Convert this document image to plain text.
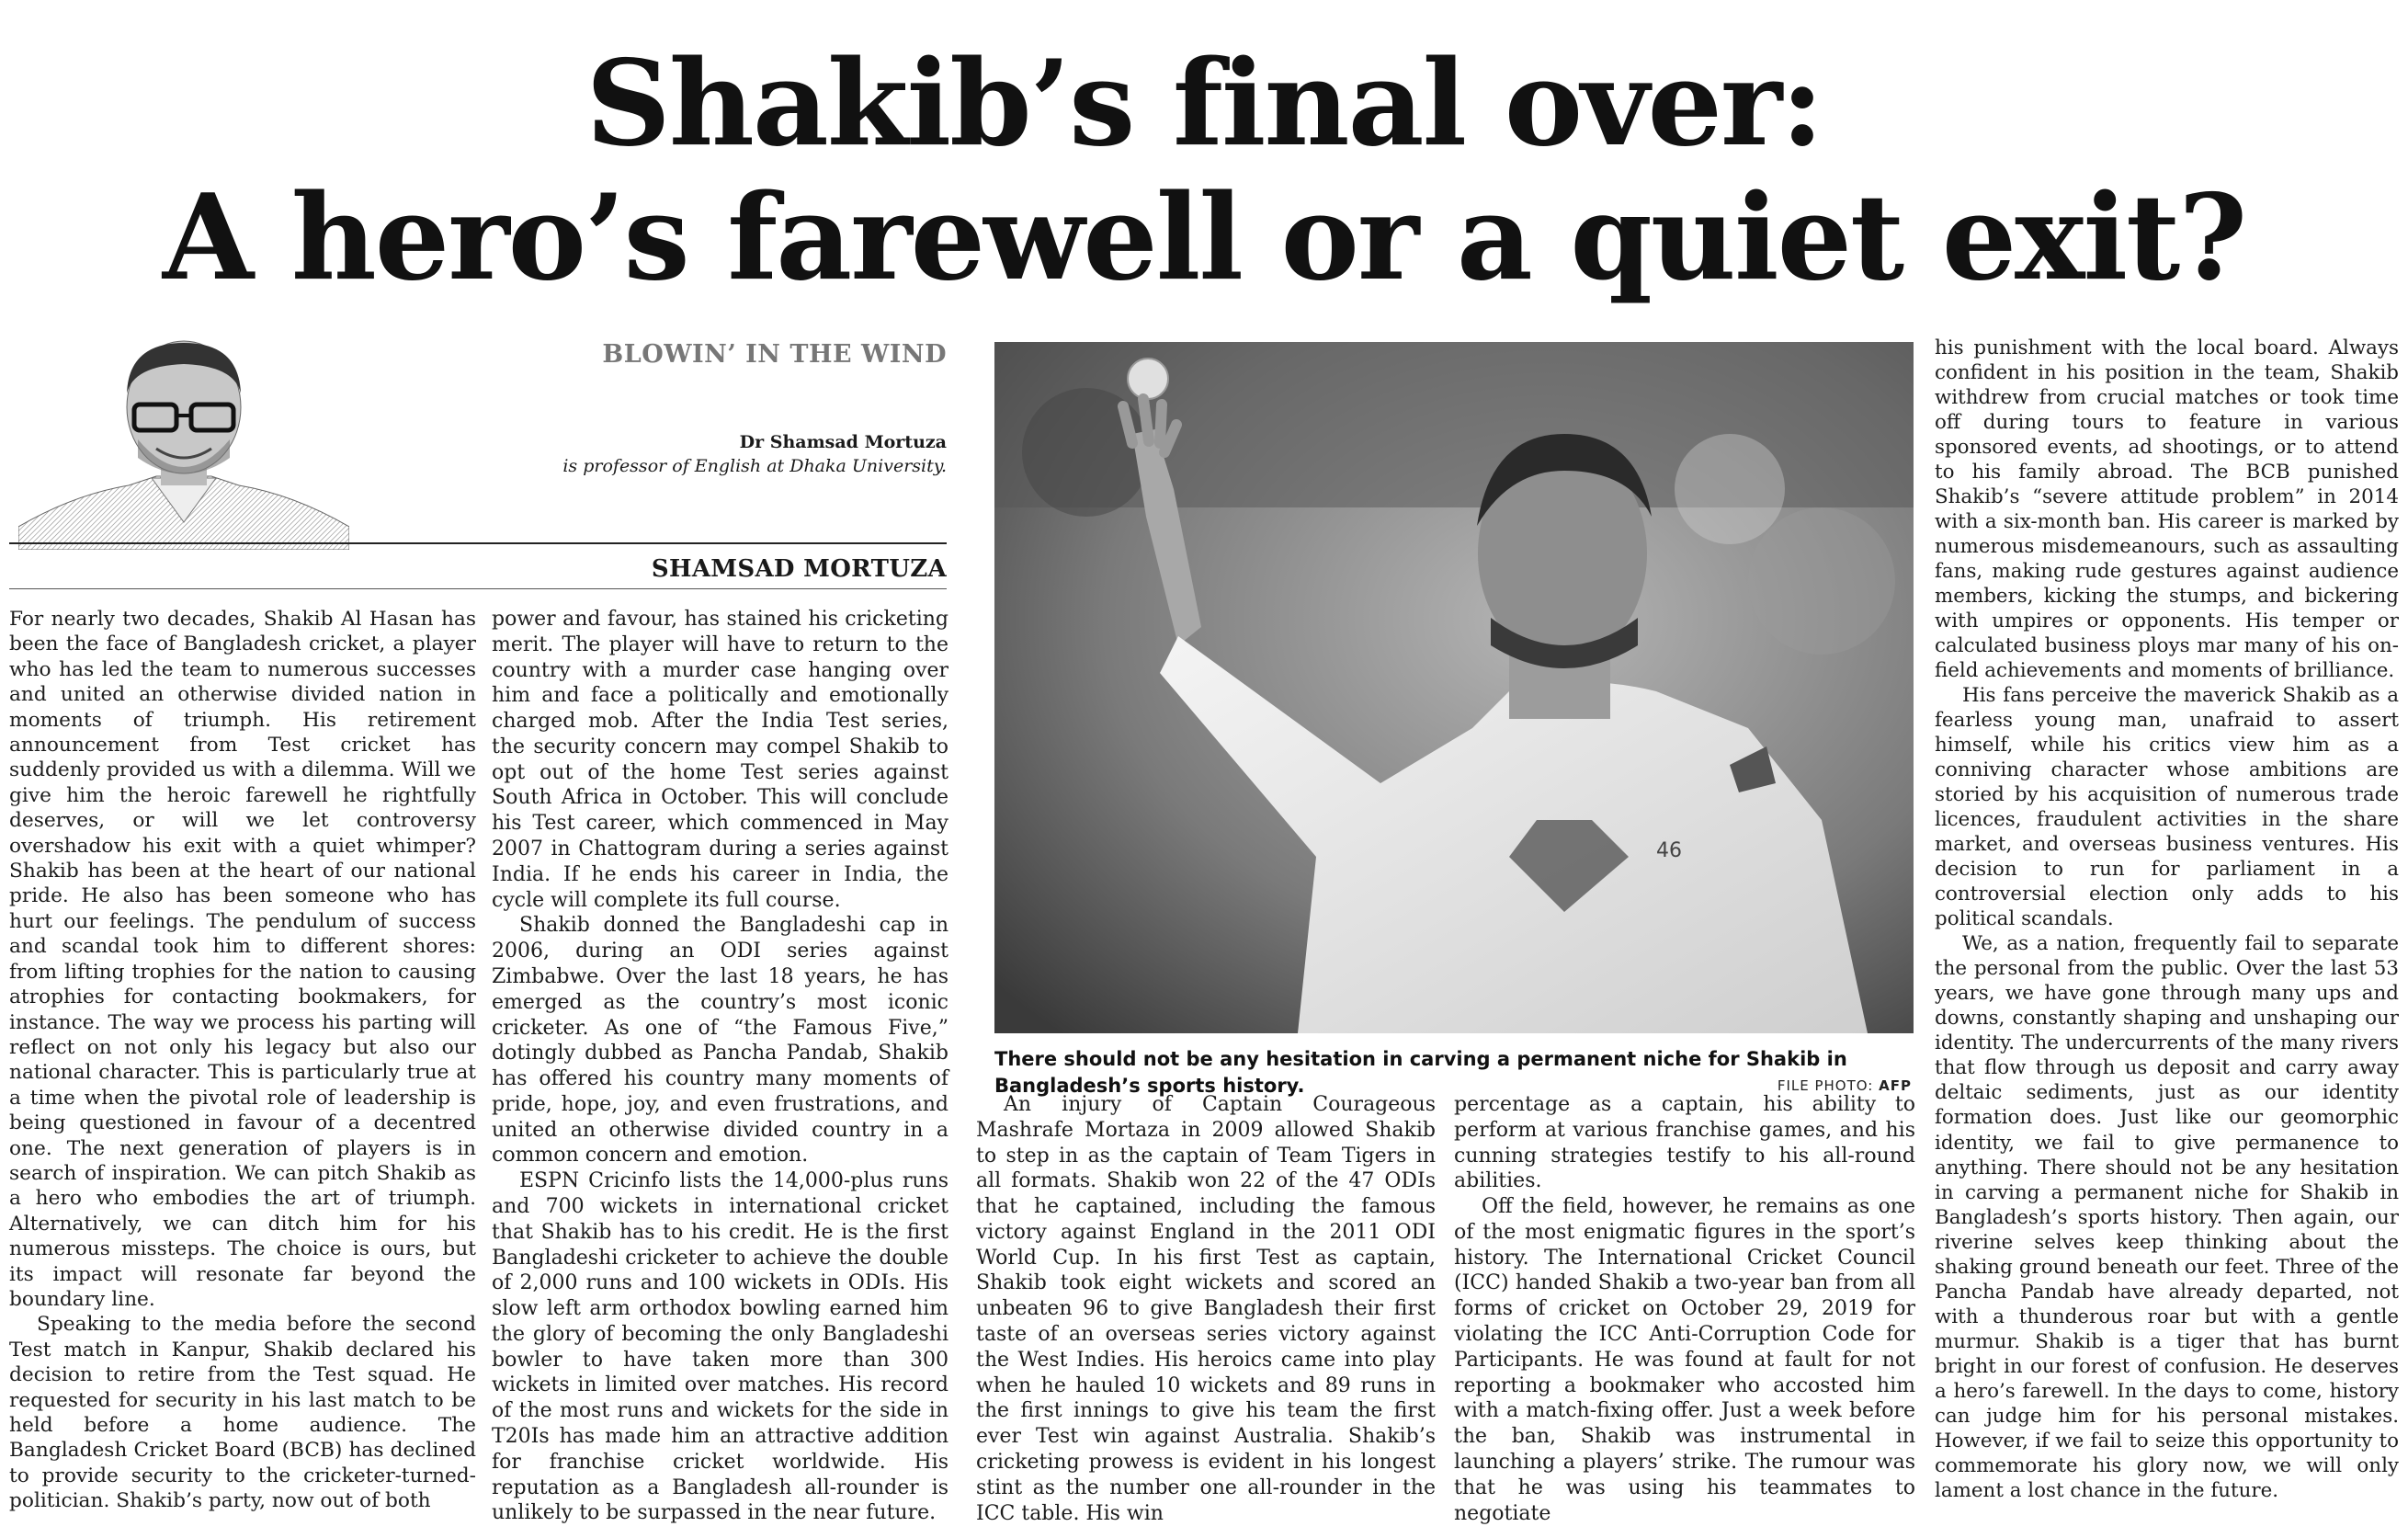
Shakib’s final over:
A hero’s farewell or a quiet exit?
BLOWIN’ IN THE WIND
Dr Shamsad Mortuza
is professor of English at Dhaka University.
SHAMSAD MORTUZA
46
There should not be any hesitation in carving a permanent niche for Shakib in Bangladesh’s sports history.	FILE PHOTO: AFP

For nearly two decades, Shakib Al Hasan has been the face of Bangladesh cricket, a player who has led the team to numerous successes and united an otherwise divided nation in moments of triumph. His retirement announcement from Test cricket has suddenly provided us with a dilemma. Will we give him the heroic farewell he rightfully deserves, or will we let controversy overshadow his exit with a quiet whimper? Shakib has been at the heart of our national pride. He also has been someone who has hurt our feelings. The pendulum of success and scandal took him to different shores: from lifting trophies for the nation to causing atrophies for contacting bookmakers, for instance. The way we process his parting will reflect on not only his legacy but also our national character. This is particularly true at a time when the pivotal role of leadership is being questioned in favour of a decentred one. The next generation of players is in search of inspiration. We can pitch Shakib as a hero who embodies the art of triumph. Alternatively, we can ditch him for his numerous missteps. The choice is ours, but its impact will resonate far beyond the boundary line.

Speaking to the media before the second Test match in Kanpur, Shakib declared his decision to retire from the Test squad. He requested for security in his last match to be held before a home audience. The Bangladesh Cricket Board (BCB) has declined to provide security to the cricketer-turned-politician. Shakib’s party, now out of both

power and favour, has stained his cricketing merit. The player will have to return to the country with a murder case hanging over him and face a politically and emotionally charged mob. After the India Test series, the security concern may compel Shakib to opt out of the home Test series against South Africa in October. This will conclude his Test career, which commenced in May 2007 in Chattogram during a series against India. If he ends his career in India, the cycle will complete its full course.

Shakib donned the Bangladeshi cap in 2006, during an ODI series against Zimbabwe. Over the last 18 years, he has emerged as the country’s most iconic cricketer. As one of “the Famous Five,” dotingly dubbed as Pancha Pandab, Shakib has offered his country many moments of pride, hope, joy, and even frustrations, and united an otherwise divided country in a common concern and emotion.

ESPN Cricinfo lists the 14,000-plus runs and 700 wickets in international cricket that Shakib has to his credit. He is the first Bangladeshi cricketer to achieve the double of 2,000 runs and 100 wickets in ODIs. His slow left arm orthodox bowling earned him the glory of becoming the only Bangladeshi bowler to have taken more than 300 wickets in limited over matches. His record of the most runs and wickets for the side in T20Is has made him an attractive addition for franchise cricket worldwide. His reputation as a Bangladesh all-rounder is unlikely to be surpassed in the near future.

An injury of Captain Courageous Mashrafe Mortaza in 2009 allowed Shakib to step in as the captain of Team Tigers in all formats. Shakib won 22 of the 47 ODIs that he captained, including the famous victory against England in the 2011 ODI World Cup. In his first Test as captain, Shakib took eight wickets and scored an unbeaten 96 to give Bangladesh their first taste of an overseas series victory against the West Indies. His heroics came into play when he hauled 10 wickets and 89 runs in the first innings to give his team the first ever Test win against Australia. Shakib’s cricketing prowess is evident in his longest stint as the number one all-rounder in the ICC table. His win

percentage as a captain, his ability to perform at various franchise games, and his cunning strategies testify to his all-round abilities.

Off the field, however, he remains as one of the most enigmatic figures in the sport’s history. The International Cricket Council (ICC) handed Shakib a two-year ban from all forms of cricket on October 29, 2019 for violating the ICC Anti-Corruption Code for Participants. He was found at fault for not reporting a bookmaker who accosted him with a match-fixing offer. Just a week before the ban, Shakib was instrumental in launching a players’ strike. The rumour was that he was using his teammates to negotiate

his punishment with the local board. Always confident in his position in the team, Shakib withdrew from crucial matches or took time off during tours to feature in various sponsored events, ad shootings, or to attend to his family abroad. The BCB punished Shakib’s “severe attitude problem” in 2014 with a six-month ban. His career is marked by numerous misdemeanours, such as assaulting fans, making rude gestures against audience members, kicking the stumps, and bickering with umpires or opponents. His temper or calculated business ploys mar many of his on-field achievements and moments of brilliance.

His fans perceive the maverick Shakib as a fearless young man, unafraid to assert himself, while his critics view him as a conniving character whose ambitions are storied by his acquisition of numerous trade licences, fraudulent activities in the share market, and overseas business ventures. His decision to run for parliament in a controversial election only adds to his political scandals.

We, as a nation, frequently fail to separate the personal from the public. Over the last 53 years, we have gone through many ups and downs, constantly shaping and unshaping our identity. The undercurrents of the many rivers that flow through us deposit and carry away deltaic sediments, just as our identity formation does. Just like our geomorphic identity, we fail to give permanence to anything. There should not be any hesitation in carving a permanent niche for Shakib in Bangladesh’s sports history. Then again, our riverine selves keep thinking about the shaking ground beneath our feet. Three of the Pancha Pandab have already departed, not with a thunderous roar but with a gentle murmur. Shakib is a tiger that has burnt bright in our forest of confusion. He deserves a hero’s farewell. In the days to come, history can judge him for his personal mistakes. However, if we fail to seize this opportunity to commemorate his glory now, we will only lament a lost chance in the future.
